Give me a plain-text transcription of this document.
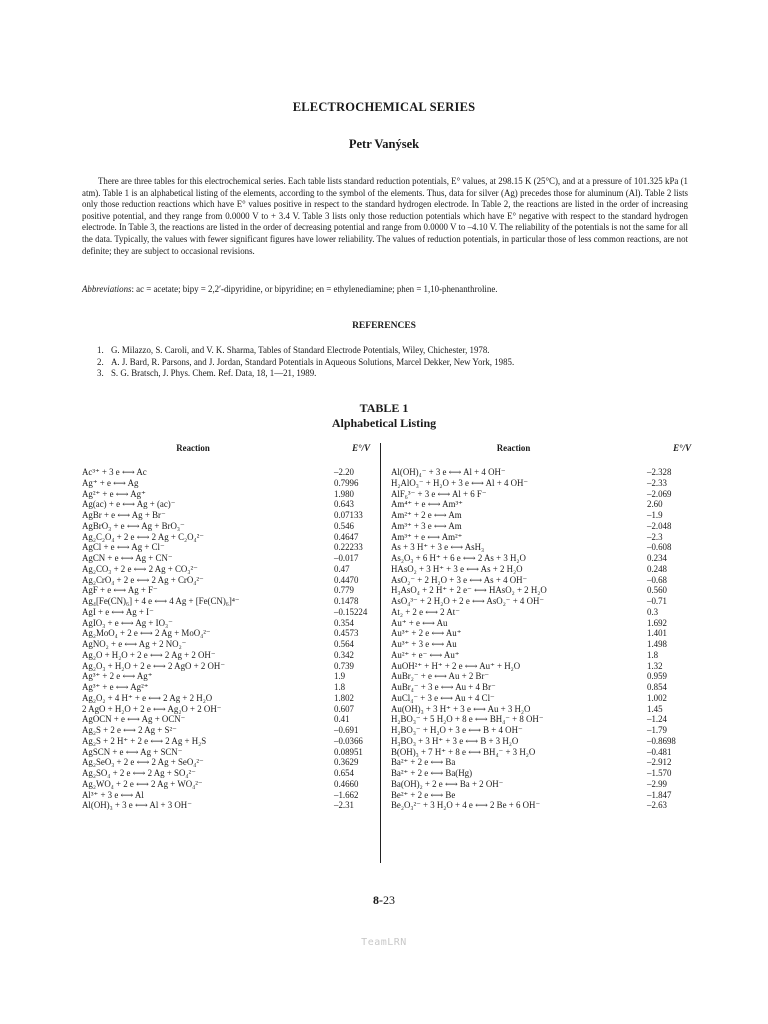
ELECTROCHEMICAL SERIES
Petr Vanýsek

There are three tables for this electrochemical series. Each table lists standard reduction potentials, E° values, at 298.15 K (25°C), and at a pressure of 101.325 kPa (1 atm). Table 1 is an alphabetical listing of the elements, according to the symbol of the elements. Thus, data for silver (Ag) precedes those for aluminum (Al). Table 2 lists only those reduction reactions which have E° values positive in respect to the standard hydrogen electrode. In Table 2, the reactions are listed in the order of increasing positive potential, and they range from 0.0000 V to + 3.4 V. Table 3 lists only those reduction potentials which have E° negative with respect to the standard hydrogen electrode. In Table 3, the reactions are listed in the order of decreasing potential and range from 0.0000 V to –4.10 V. The reliability of the potentials is not the same for all the data. Typically, the values with fewer significant figures have lower reliability. The values of reduction potentials, in particular those of less common reactions, are not definite; they are subject to occasional revisions.

Abbreviations: ac = acetate; bipy = 2,2′-dipyridine, or bipyridine; en = ethylenediamine; phen = 1,10-phenanthroline.

REFERENCES
1. G. Milazzo, S. Caroli, and V. K. Sharma, Tables of Standard Electrode Potentials, Wiley, Chichester, 1978.
2. A. J. Bard, R. Parsons, and J. Jordan, Standard Potentials in Aqueous Solutions, Marcel Dekker, New York, 1985.
3. S. G. Bratsch, J. Phys. Chem. Ref. Data, 18, 1—21, 1989.
TABLE 1
Alphabetical Listing
Reaction	E°/V
Ac³⁺ + 3 e ⟷ Ac	–2.20
Ag⁺ + e ⟷ Ag	0.7996
Ag²⁺ + e ⟷ Ag⁺	1.980
Ag(ac) + e ⟷ Ag + (ac)⁻	0.643
AgBr + e ⟷ Ag + Br⁻	0.07133
AgBrO₃ + e ⟷ Ag + BrO₃⁻	0.546
Ag₂C₂O₄ + 2 e ⟷ 2 Ag + C₂O₄²⁻	0.4647
AgCl + e ⟷ Ag + Cl⁻	0.22233
AgCN + e ⟷ Ag + CN⁻	–0.017
Ag₂CO₃ + 2 e ⟷ 2 Ag + CO₃²⁻	0.47
Ag₂CrO₄ + 2 e ⟷ 2 Ag + CrO₄²⁻	0.4470
AgF + e ⟷ Ag + F⁻	0.779
Ag₄[Fe(CN)₆] + 4 e ⟷ 4 Ag + [Fe(CN)₆]⁴⁻	0.1478
AgI + e ⟷ Ag + I⁻	–0.15224
AgIO₃ + e ⟷ Ag + IO₃⁻	0.354
Ag₂MoO₄ + 2 e ⟷ 2 Ag + MoO₄²⁻	0.4573
AgNO₂ + e ⟷ Ag + 2 NO₂⁻	0.564
Ag₂O + H₂O + 2 e ⟷ 2 Ag + 2 OH⁻	0.342
Ag₂O₃ + H₂O + 2 e ⟷ 2 AgO + 2 OH⁻	0.739
Ag³⁺ + 2 e ⟷ Ag⁺	1.9
Ag³⁺ + e ⟷ Ag²⁺	1.8
Ag₂O₂ + 4 H⁺ + e ⟷ 2 Ag + 2 H₂O	1.802
2 AgO + H₂O + 2 e ⟷ Ag₂O + 2 OH⁻	0.607
AgOCN + e ⟷ Ag + OCN⁻	0.41
Ag₂S + 2 e ⟷ 2 Ag + S²⁻	–0.691
Ag₂S + 2 H⁺ + 2 e ⟷ 2 Ag + H₂S	–0.0366
AgSCN + e ⟷ Ag + SCN⁻	0.08951
Ag₂SeO₃ + 2 e ⟷ 2 Ag + SeO₄²⁻	0.3629
Ag₂SO₄ + 2 e ⟷ 2 Ag + SO₄²⁻	0.654
Ag₂WO₄ + 2 e ⟷ 2 Ag + WO₄²⁻	0.4660
Al³⁺ + 3 e ⟷ Al	–1.662
Al(OH)₃ + 3 e ⟷ Al + 3 OH⁻	–2.31
Reaction	E°/V
Al(OH)₄⁻ + 3 e ⟷ Al + 4 OH⁻	–2.328
H₂AlO₃⁻ + H₂O + 3 e ⟷ Al + 4 OH⁻	–2.33
AlF₆³⁻ + 3 e ⟷ Al + 6 F⁻	–2.069
Am⁴⁺ + e ⟷ Am³⁺	2.60
Am²⁺ + 2 e ⟷ Am	–1.9
Am³⁺ + 3 e ⟷ Am	–2.048
Am³⁺ + e ⟷ Am²⁺	–2.3
As + 3 H⁺ + 3 e ⟷ AsH₃	–0.608
As₂O₃ + 6 H⁺ + 6 e ⟷ 2 As + 3 H₂O	0.234
HAsO₂ + 3 H⁺ + 3 e ⟷ As + 2 H₂O	0.248
AsO₂⁻ + 2 H₂O + 3 e ⟷ As + 4 OH⁻	–0.68
H₃AsO₄ + 2 H⁺ + 2 e⁻ ⟷ HAsO₂ + 2 H₂O	0.560
AsO₄³⁻ + 2 H₂O + 2 e ⟷ AsO₂⁻ + 4 OH⁻	–0.71
At₂ + 2 e ⟷ 2 At⁻	0.3
Au⁺ + e ⟷ Au	1.692
Au³⁺ + 2 e ⟷ Au⁺	1.401
Au³⁺ + 3 e ⟷ Au	1.498
Au²⁺ + e⁻ ⟷ Au⁺	1.8
AuOH²⁺ + H⁺ + 2 e ⟷ Au⁺ + H₂O	1.32
AuBr₂⁻ + e ⟷ Au + 2 Br⁻	0.959
AuBr₄⁻ + 3 e ⟷ Au + 4 Br⁻	0.854
AuCl₄⁻ + 3 e ⟷ Au + 4 Cl⁻	1.002
Au(OH)₃ + 3 H⁺ + 3 e ⟷ Au + 3 H₂O	1.45
H₂BO₃⁻ + 5 H₂O + 8 e ⟷ BH₄⁻ + 8 OH⁻	–1.24
H₂BO₃⁻ + H₂O + 3 e ⟷ B + 4 OH⁻	–1.79
H₃BO₃ + 3 H⁺ + 3 e ⟷ B + 3 H₂O	–0.8698
B(OH)₃ + 7 H⁺ + 8 e ⟷ BH₄⁻ + 3 H₂O	–0.481
Ba²⁺ + 2 e ⟷ Ba	–2.912
Ba²⁺ + 2 e ⟷ Ba(Hg)	–1.570
Ba(OH)₂ + 2 e ⟷ Ba + 2 OH⁻	–2.99
Be²⁺ + 2 e ⟷ Be	–1.847
Be₂O₃²⁻ + 3 H₂O + 4 e ⟷ 2 Be + 6 OH⁻	–2.63
8-23
TeamLRN
